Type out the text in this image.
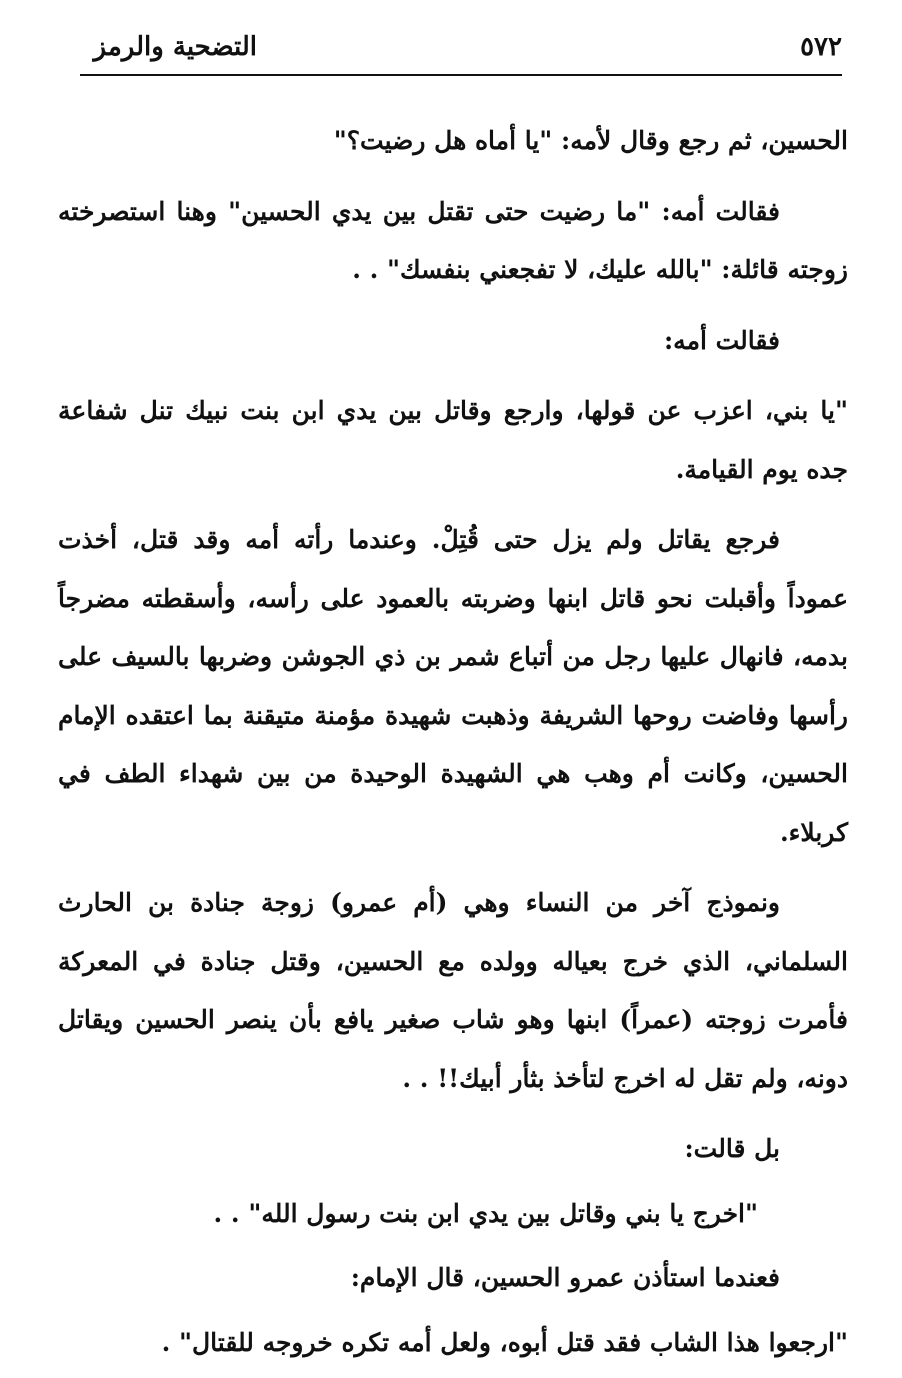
٥٧٢
التضحية والرمز

الحسين، ثم رجع وقال لأمه: "يا أماه هل رضيت؟"

فقالت أمه: "ما رضيت حتى تقتل بين يدي الحسين" وهنا استصرخته زوجته قائلة: "بالله عليك، لا تفجعني بنفسك" . .

فقالت أمه:

"يا بني، اعزب عن قولها، وارجع وقاتل بين يدي ابن بنت نبيك تنل شفاعة جده يوم القيامة.

فرجع يقاتل ولم يزل حتى قُتِلْ. وعندما رأته أمه وقد قتل، أخذت عموداً وأقبلت نحو قاتل ابنها وضربته بالعمود على رأسه، وأسقطته مضرجاً بدمه، فانهال عليها رجل من أتباع شمر بن ذي الجوشن وضربها بالسيف على رأسها وفاضت روحها الشريفة وذهبت شهيدة مؤمنة متيقنة بما اعتقده الإمام الحسين، وكانت أم وهب هي الشهيدة الوحيدة من بين شهداء الطف في كربلاء.

ونموذج آخر من النساء وهي (أم عمرو) زوجة جنادة بن الحارث السلماني، الذي خرج بعياله وولده مع الحسين، وقتل جنادة في المعركة فأمرت زوجته (عمراً) ابنها وهو شاب صغير يافع بأن ينصر الحسين ويقاتل دونه، ولم تقل له اخرج لتأخذ بثأر أبيك!! . .

بل قالت:

"اخرج يا بني وقاتل بين يدي ابن بنت رسول الله" . .

فعندما استأذن عمرو الحسين، قال الإمام:

"ارجعوا هذا الشاب فقد قتل أبوه، ولعل أمه تكره خروجه للقتال" .
